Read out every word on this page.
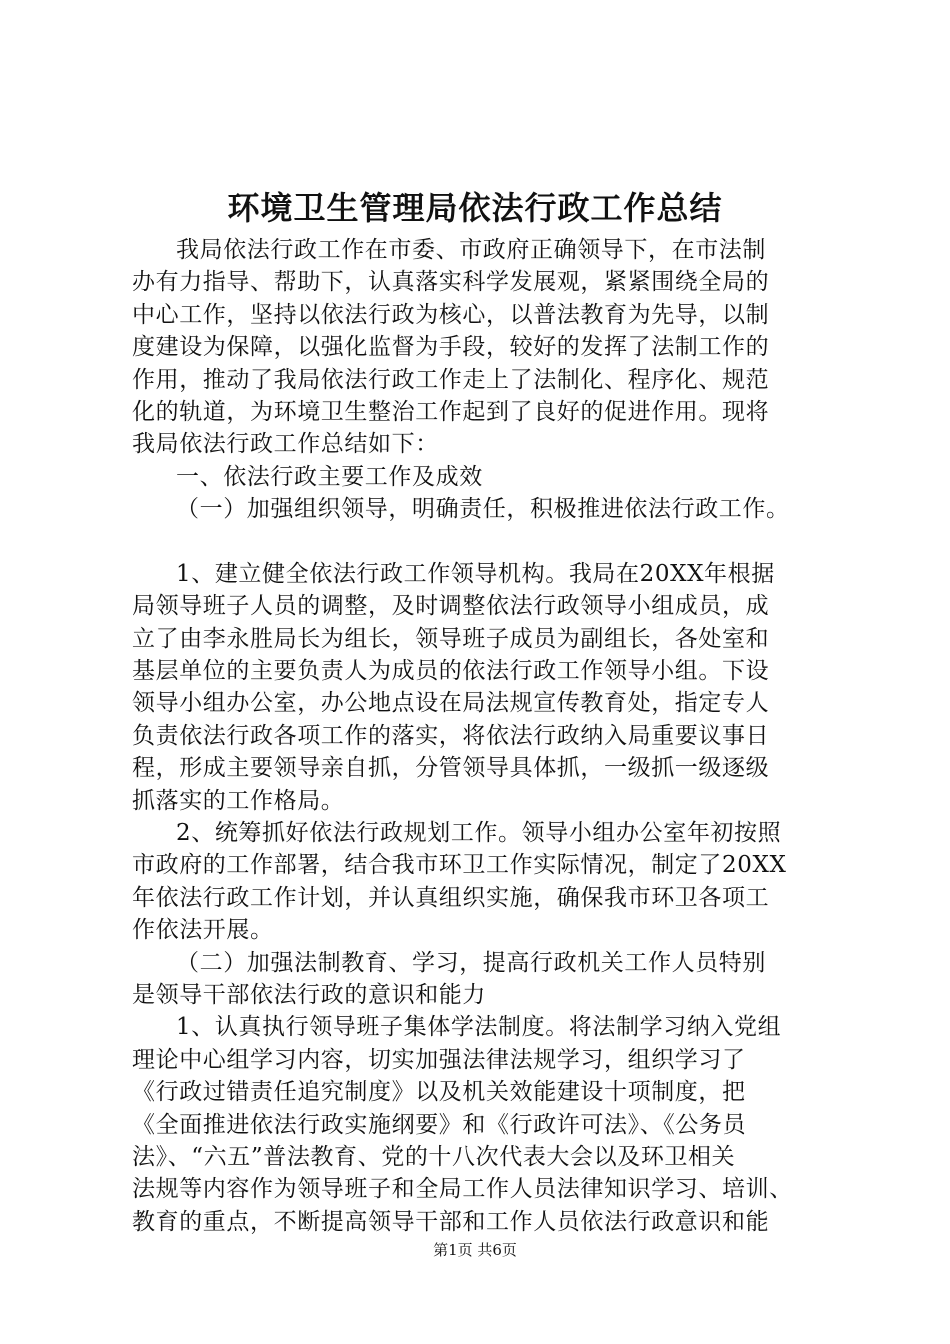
环境卫生管理局依法行政工作总结
我局依法行政工作在市委、市政府正确领导下，在市法制
办有力指导、帮助下，认真落实科学发展观，紧紧围绕全局的
中心工作，坚持以依法行政为核心，以普法教育为先导，以制
度建设为保障，以强化监督为手段，较好的发挥了法制工作的
作用，推动了我局依法行政工作走上了法制化、程序化、规范
化的轨道，为环境卫生整治工作起到了良好的促进作用。现将
我局依法行政工作总结如下：
一、依法行政主要工作及成效
（一）加强组织领导，明确责任，积极推进依法行政工作。
1、建立健全依法行政工作领导机构。我局在20XX年根据
局领导班子人员的调整，及时调整依法行政领导小组成员，成
立了由李永胜局长为组长，领导班子成员为副组长，各处室和
基层单位的主要负责人为成员的依法行政工作领导小组。下设
领导小组办公室，办公地点设在局法规宣传教育处，指定专人
负责依法行政各项工作的落实，将依法行政纳入局重要议事日
程，形成主要领导亲自抓，分管领导具体抓，一级抓一级逐级
抓落实的工作格局。
2、统筹抓好依法行政规划工作。领导小组办公室年初按照
市政府的工作部署，结合我市环卫工作实际情况，制定了20XX
年依法行政工作计划，并认真组织实施，确保我市环卫各项工
作依法开展。
（二）加强法制教育、学习，提高行政机关工作人员特别
是领导干部依法行政的意识和能力
1、认真执行领导班子集体学法制度。将法制学习纳入党组
理论中心组学习内容，切实加强法律法规学习，组织学习了
《行政过错责任追究制度》以及机关效能建设十项制度，把
《全面推进依法行政实施纲要》和《行政许可法》、《公务员
法》、“六五”普法教育、党的十八次代表大会以及环卫相关
法规等内容作为领导班子和全局工作人员法律知识学习、培训、
教育的重点，不断提高领导干部和工作人员依法行政意识和能
第1页 共6页
